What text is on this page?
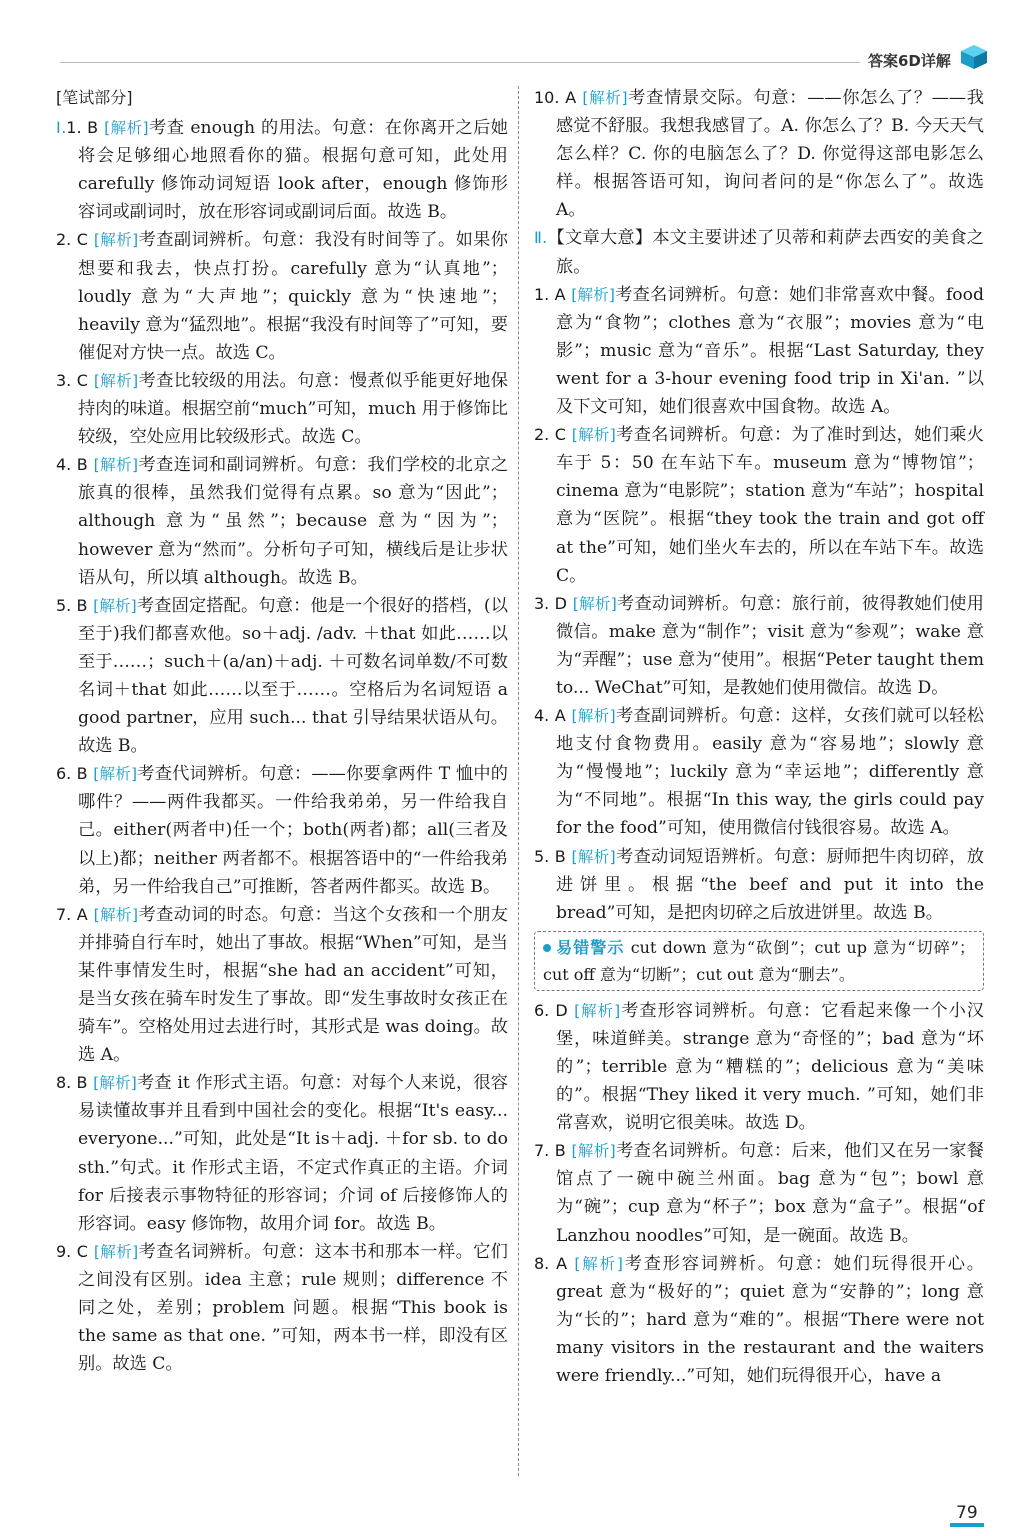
答案6D详解
[笔试部分]

Ⅰ.1. B [解析]考查 enough 的用法。句意：在你离开之后她将会足够细心地照看你的猫。根据句意可知，此处用 carefully 修饰动词短语 look after，enough 修饰形容词或副词时，放在形容词或副词后面。故选 B。

2. C [解析]考查副词辨析。句意：我没有时间等了。如果你想要和我去，快点打扮。carefully 意为“认真地”；loudly 意为“大声地”；quickly 意为“快速地”；heavily 意为“猛烈地”。根据“我没有时间等了”可知，要催促对方快一点。故选 C。

3. C [解析]考查比较级的用法。句意：慢煮似乎能更好地保持肉的味道。根据空前“much”可知，much 用于修饰比较级，空处应用比较级形式。故选 C。

4. B [解析]考查连词和副词辨析。句意：我们学校的北京之旅真的很棒，虽然我们觉得有点累。so 意为“因此”；although 意为“虽然”；because 意为“因为”；however 意为“然而”。分析句子可知，横线后是让步状语从句，所以填 although。故选 B。

5. B [解析]考查固定搭配。句意：他是一个很好的搭档，(以至于)我们都喜欢他。so＋adj. /adv. ＋that 如此……以至于……；such＋(a/an)＋adj. ＋可数名词单数/不可数名词＋that 如此……以至于……。空格后为名词短语 a good partner，应用 such... that 引导结果状语从句。故选 B。

6. B [解析]考查代词辨析。句意：——你要拿两件 T 恤中的哪件？——两件我都买。一件给我弟弟，另一件给我自己。either(两者中)任一个；both(两者)都；all(三者及以上)都；neither 两者都不。根据答语中的“一件给我弟弟，另一件给我自己”可推断，答者两件都买。故选 B。

7. A [解析]考查动词的时态。句意：当这个女孩和一个朋友并排骑自行车时，她出了事故。根据“When”可知，是当某件事情发生时，根据“she had an accident”可知，是当女孩在骑车时发生了事故。即“发生事故时女孩正在骑车”。空格处用过去进行时，其形式是 was doing。故选 A。

8. B [解析]考查 it 作形式主语。句意：对每个人来说，很容易读懂故事并且看到中国社会的变化。根据“It's easy... everyone...”可知，此处是“It is＋adj. ＋for sb. to do sth.”句式。it 作形式主语，不定式作真正的主语。介词 for 后接表示事物特征的形容词；介词 of 后接修饰人的形容词。easy 修饰物，故用介词 for。故选 B。

9. C [解析]考查名词辨析。句意：这本书和那本一样。它们之间没有区别。idea 主意；rule 规则；difference 不同之处，差别；problem 问题。根据“This book is the same as that one. ”可知，两本书一样，即没有区别。故选 C。

10. A [解析]考查情景交际。句意：——你怎么了？——我感觉不舒服。我想我感冒了。A. 你怎么了？B. 今天天气怎么样？C. 你的电脑怎么了？D. 你觉得这部电影怎么样。根据答语可知，询问者问的是“你怎么了”。故选 A。

Ⅱ.【文章大意】本文主要讲述了贝蒂和莉萨去西安的美食之旅。

1. A [解析]考查名词辨析。句意：她们非常喜欢中餐。food 意为“食物”；clothes 意为“衣服”；movies 意为“电影”；music 意为“音乐”。根据“Last Saturday, they went for a 3-hour evening food trip in Xi'an. ”以及下文可知，她们很喜欢中国食物。故选 A。

2. C [解析]考查名词辨析。句意：为了准时到达，她们乘火车于 5：50 在车站下车。museum 意为“博物馆”；cinema 意为“电影院”；station 意为“车站”；hospital 意为“医院”。根据“they took the train and got off at the”可知，她们坐火车去的，所以在车站下车。故选 C。

3. D [解析]考查动词辨析。句意：旅行前，彼得教她们使用微信。make 意为“制作”；visit 意为“参观”；wake 意为“弄醒”；use 意为“使用”。根据“Peter taught them to... WeChat”可知，是教她们使用微信。故选 D。

4. A [解析]考查副词辨析。句意：这样，女孩们就可以轻松地支付食物费用。easily 意为“容易地”；slowly 意为“慢慢地”；luckily 意为“幸运地”；differently 意为“不同地”。根据“In this way, the girls could pay for the food”可知，使用微信付钱很容易。故选 A。

5. B [解析]考查动词短语辨析。句意：厨师把牛肉切碎，放进饼里。根据“the beef and put it into the bread”可知，是把肉切碎之后放进饼里。故选 B。

易错警示 cut down 意为“砍倒”；cut up 意为“切碎”；cut off 意为“切断”；cut out 意为“删去”。

6. D [解析]考查形容词辨析。句意：它看起来像一个小汉堡，味道鲜美。strange 意为“奇怪的”；bad 意为“坏的”；terrible 意为“糟糕的”；delicious 意为“美味的”。根据“They liked it very much. ”可知，她们非常喜欢，说明它很美味。故选 D。

7. B [解析]考查名词辨析。句意：后来，他们又在另一家餐馆点了一碗中碗兰州面。bag 意为“包”；bowl 意为“碗”；cup 意为“杯子”；box 意为“盒子”。根据“of Lanzhou noodles”可知，是一碗面。故选 B。

8. A [解析]考查形容词辨析。句意：她们玩得很开心。great 意为“极好的”；quiet 意为“安静的”；long 意为“长的”；hard 意为“难的”。根据“There were not many visitors in the restaurant and the waiters were friendly...”可知，她们玩得很开心，have a

79
